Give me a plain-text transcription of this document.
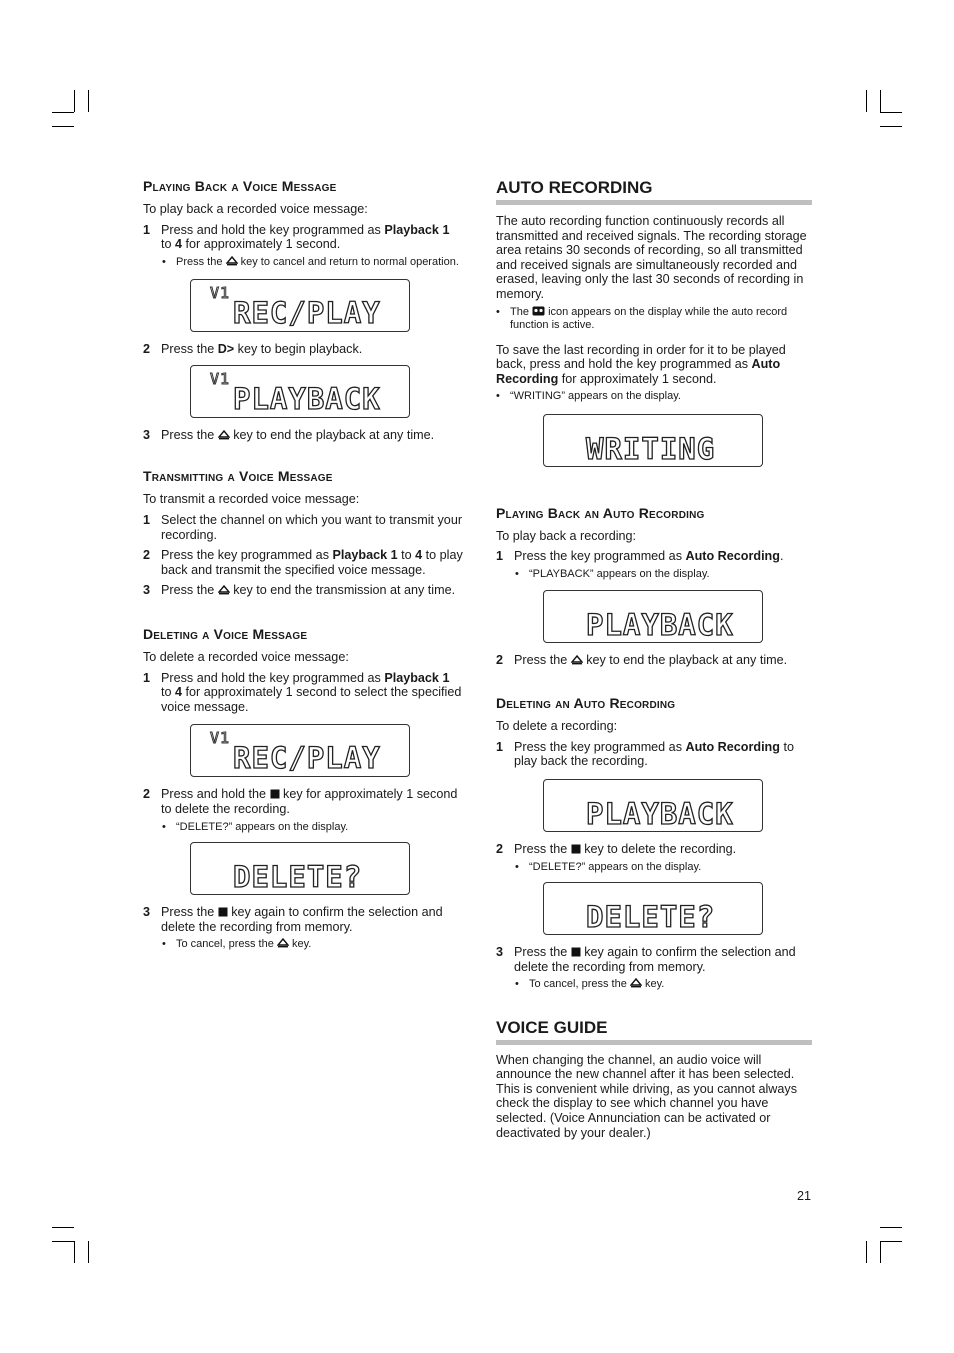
Playing Back a Voice Message

To play back a recorded voice message:

1 Press and hold the key programmed as Playback 1 to 4 for approximately 1 second.
• Press the  key to cancel and return to normal operation.
V1
REC/PLAY
2 Press the D> key to begin playback.
V1
PLAYBACK
3 Press the  key to end the playback at any time.
Transmitting a Voice Message

To transmit a recorded voice message:

1 Select the channel on which you want to transmit your recording.
2 Press the key programmed as Playback 1 to 4 to play back and transmit the specified voice message.
3 Press the  key to end the transmission at any time.
Deleting a Voice Message

To delete a recorded voice message:

1 Press and hold the key programmed as Playback 1 to 4 for approximately 1 second to select the specified voice message.
V1
REC/PLAY
2 Press and hold the  key for approximately 1 second to delete the recording.
• “DELETE?” appears on the display.
DELETE?
3 Press the  key again to confirm the selection and delete the recording from memory.
• To cancel, press the  key.
AUTO RECORDING

The auto recording function continuously records all transmitted and received signals. The recording storage area retains 30 seconds of recording, so all transmitted and received signals are simultaneously recorded and erased, leaving only the last 30 seconds of recording in memory.

• The  icon appears on the display while the auto record function is active.

To save the last recording in order for it to be played back, press and hold the key programmed as Auto Recording for approximately 1 second.

• “WRITING” appears on the display.
WRITING
Playing Back an Auto Recording

To play back a recording:

1 Press the key programmed as Auto Recording.
• “PLAYBACK” appears on the display.
PLAYBACK
2 Press the  key to end the playback at any time.
Deleting an Auto Recording

To delete a recording:

1 Press the key programmed as Auto Recording to play back the recording.
PLAYBACK
2 Press the  key to delete the recording.
• “DELETE?” appears on the display.
DELETE?
3 Press the  key again to confirm the selection and delete the recording from memory.
• To cancel, press the  key.
VOICE GUIDE

When changing the channel, an audio voice will announce the new channel after it has been selected. This is convenient while driving, as you cannot always check the display to see which channel you have selected. (Voice Annunciation can be activated or deactivated by your dealer.)

21
